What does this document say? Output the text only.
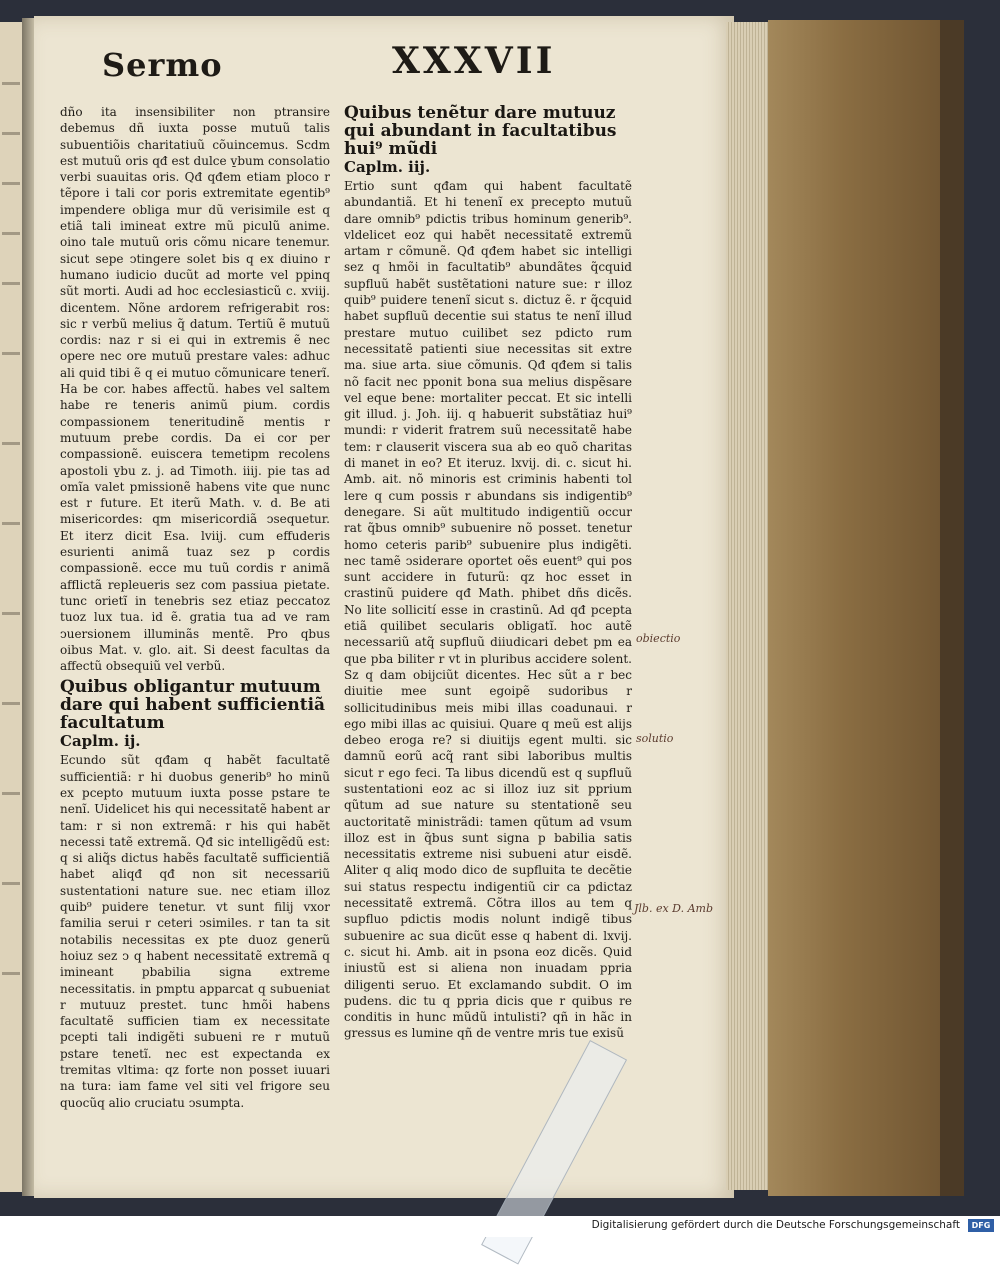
Sermo	XXXVII

dño ita insensibiliter non ptransire debemus dñ iuxta posse mutuũ talis subuentiõis charitatiuũ cõuincemus. Scdm est mutuũ oris qđ est dulce v̱bum consolatio verbi suauitas oris. Qđ qđem etiam ploco r tẽpore i tali cor poris extremitate egentib⁹ impendere obliga mur dũ verisimile est q etiã tali imineat extre mũ piculũ anime. oino tale mutuũ oris cõmu nicare tenemur. sicut sepe ↄtingere solet bis q ex diuino r humano iudicio ducũt ad morte vel ppinq sũt morti. Audi ad hoc ecclesiasticũ c. xviij. dicentem. Nõne ardorem refrigerabit ros: sic r verbũ melius q̃ datum. Tertiũ ẽ mutuũ cordis: naz r si ei qui in extremis ẽ nec opere nec ore mutuũ prestare vales: adhuc ali quid tibi ẽ q ei mutuo cõmunicare tenerĩ. Ha be cor. habes affectũ. habes vel saltem habe re teneris animũ pium. cordis compassionem teneritudinẽ mentis r mutuum prebe cordis. Da ei cor per compassionẽ. euiscera temetipm recolens apostoli v̱bu z. j. ad Timoth. iiij. pie tas ad omĩa valet pmissionẽ habens vite que nunc est r future. Et iterũ Math. v. d. Be ati misericordes: qm misericordiã ↄsequetur. Et iterz dicit Esa. lviij. cum effuderis esurienti animã tuaz sez p cordis compassionẽ. ecce mu tuũ cordis r animã afflictã repleueris sez com passiua pietate. tunc orietĩ in tenebris sez etiaz peccatoz tuoz lux tua. id ẽ. gratia tua ad ve ram ↄuersionem illuminãs mentẽ. Pro qbus oibus Mat. v. glo. ait. Si deest facultas da affectũ obsequiũ vel verbũ.

Quibus obligantur mutuum dare qui habent sufficientiã facultatum
Caplm. ij.

Ecundo sũt qđam q habẽt facultatẽ sufficientiã: r hi duobus generib⁹ ho minũ ex pcepto mutuum iuxta posse pstare te nenĩ. Uidelicet his qui necessitatẽ habent ar tam: r si non extremã: r his qui habẽt necessi tatẽ extremã. Qđ sic intelligẽdũ est: q si aliq̃s dictus habẽs facultatẽ sufficientiã habet aliqđ qđ non sit necessariũ sustentationi nature sue. nec etiam illoz quib⁹ puidere tenetur. vt sunt filij vxor familia serui r ceteri ↄsimiles. r tan ta sit notabilis necessitas ex pte duoz generũ hoiuz sez ↄ q habent necessitatẽ extremã q imineant pbabilia signa extreme necessitatis. in pmptu apparcat q subueniat r mutuuz prestet. tunc hmõi habens facultatẽ sufficien tiam ex necessitate pcepti tali indigẽti subueni re r mutuũ pstare tenetĩ. nec est expectanda ex tremitas vltima: qz forte non posset iuuari na tura: iam fame vel siti vel frigore seu quocũq alio cruciatu ↄsumpta.

Quibus tenẽtur dare mutuuz qui abundant in facultatibus hui⁹ mũdi
Caplm. iij.

Ertio sunt qđam qui habent facultatẽ abundantiã. Et hi tenenĩ ex precepto mutuũ dare omnib⁹ pdictis tribus hominum generib⁹. vldelicet eoz qui habẽt necessitatẽ extremũ artam r cõmunẽ. Qđ qđem habet sic intelligi sez q hmõi in facultatib⁹ abundãtes q̃cquid supfluũ habẽt sustẽtationi nature sue: r illoz quib⁹ puidere tenenĩ sicut s. dictuz ẽ. r q̃cquid habet supfluũ decentie sui status te nenĩ illud prestare mutuo cuilibet sez pdicto rum necessitatẽ patienti siue necessitas sit extre ma. siue arta. siue cõmunis. Qđ qđem si talis nõ facit nec pponit bona sua melius dispẽsare vel eque bene: mortaliter peccat. Et sic intelli git illud. j. Joh. iij. q habuerit substãtiaz hui⁹ mundi: r viderit fratrem suũ necessitatẽ habe tem: r clauserit viscera sua ab eo quõ charitas di manet in eo? Et iteruz. lxvij. di. c. sicut hi. Amb. ait. nõ minoris est criminis habenti tol lere q cum possis r abundans sis indigentib⁹ denegare. Si aũt multitudo indigentiũ occur rat q̃bus omnib⁹ subuenire nõ posset. tenetur homo ceteris parib⁹ subuenire plus indigẽti. nec tamẽ ↄsiderare oportet oẽs euent⁹ qui pos sunt accidere in futurũ: qz hoc esset in crastinũ puidere qđ Math. phibet dñs dicẽs. No lite sollicití esse in crastinũ. Ad qđ pcepta etiã quilibet secularis obligatĩ. hoc autẽ necessariũ atq̃ supfluũ diiudicari debet pm ea que pba biliter r vt in pluribus accidere solent. Sz q dam obijciũt dicentes. Hec sũt a r bec diuitie mee sunt egoipẽ sudoribus r sollicitudinibus meis mibi illas coadunaui. r ego mibi illas ac quisiui. Quare q meũ est alijs debeo eroga re? si diuitijs egent multi. sic damnũ eorũ acq̃ rant sibi laboribus multis sicut r ego feci. Ta libus dicendũ est q supfluũ sustentationi eoz ac si illoz iuz sit pprium qũtum ad sue nature su stentationẽ seu auctoritatẽ ministrãdi: tamen qũtum ad vsum illoz est in q̃bus sunt signa p babilia satis necessitatis extreme nisi subueni atur eisdẽ. Aliter q aliq modo dico de supfluita te decẽtie sui status respectu indigentiũ cir ca pdictaz necessitatẽ extremã. Cõtra illos au tem q supfluo pdictis modis nolunt indigẽ tibus subuenire ac sua dicũt esse q habent di. lxvij. c. sicut hi. Amb. ait in psona eoz dicẽs. Quid iniustũ est si aliena non inuadam ppria diligenti seruo. Et exclamando subdit. O im pudens. dic tu q ppria dicis que r quibus re conditis in hunc mũdũ intulisti? qñ in hãc in gressus es lumine qñ de ventre mris tue exisũ

obiectio
solutio
Jlb. ex D. Amb
Digitalisierung gefördert durch die Deutsche Forschungsgemeinschaft	DFG
